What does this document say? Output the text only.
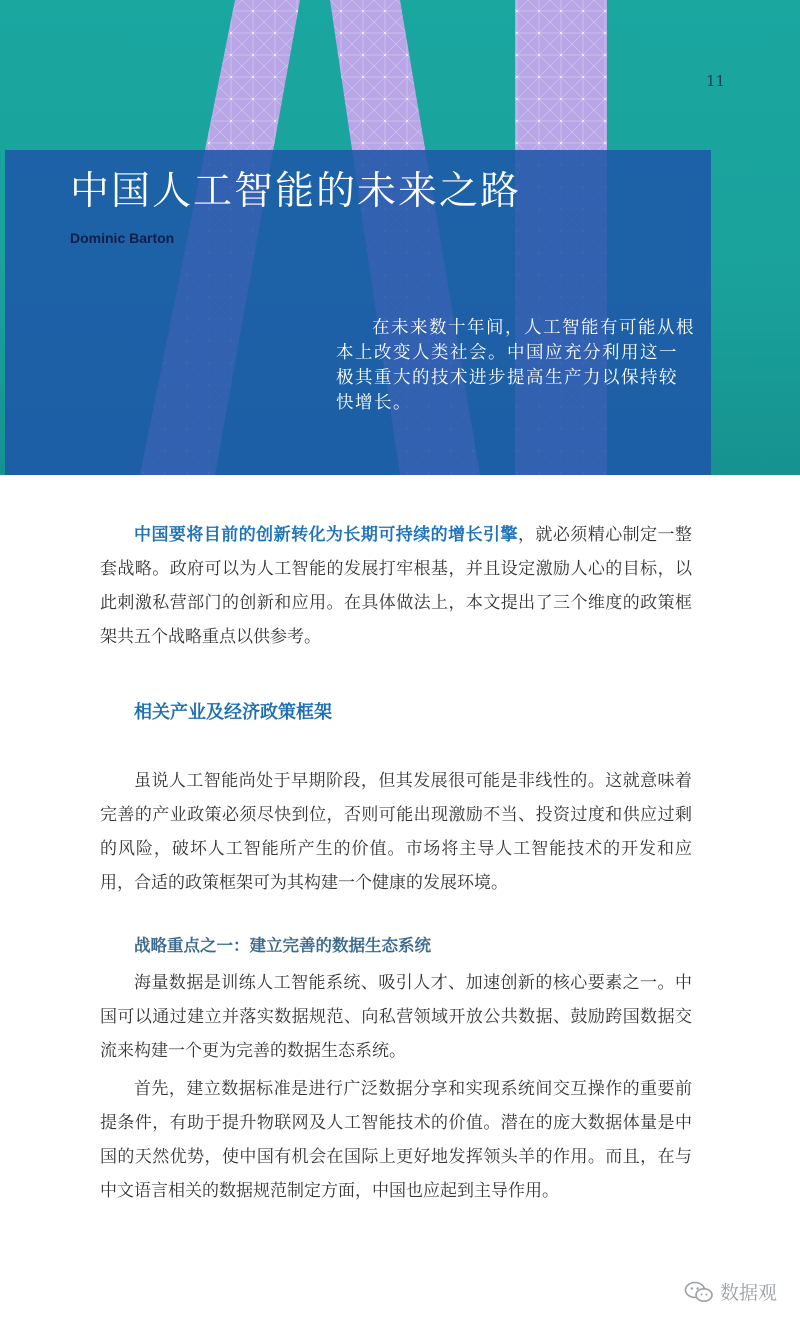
11
中国人工智能的未来之路
Dominic Barton

在未来数十年间，人工智能有可能从根本上改变人类社会。中国应充分利用这一极其重大的技术进步提高生产力以保持较快增长。

中国要将目前的创新转化为长期可持续的增长引擎，就必须精心制定一整套战略。政府可以为人工智能的发展打牢根基，并且设定激励人心的目标，以此刺激私营部门的创新和应用。在具体做法上，本文提出了三个维度的政策框架共五个战略重点以供参考。

相关产业及经济政策框架

虽说人工智能尚处于早期阶段，但其发展很可能是非线性的。这就意味着完善的产业政策必须尽快到位，否则可能出现激励不当、投资过度和供应过剩的风险，破坏人工智能所产生的价值。市场将主导人工智能技术的开发和应用，合适的政策框架可为其构建一个健康的发展环境。

战略重点之一：建立完善的数据生态系统

海量数据是训练人工智能系统、吸引人才、加速创新的核心要素之一。中国可以通过建立并落实数据规范、向私营领域开放公共数据、鼓励跨国数据交流来构建一个更为完善的数据生态系统。

首先，建立数据标准是进行广泛数据分享和实现系统间交互操作的重要前提条件，有助于提升物联网及人工智能技术的价值。潜在的庞大数据体量是中国的天然优势，使中国有机会在国际上更好地发挥领头羊的作用。而且，在与中文语言相关的数据规范制定方面，中国也应起到主导作用。

数据观
